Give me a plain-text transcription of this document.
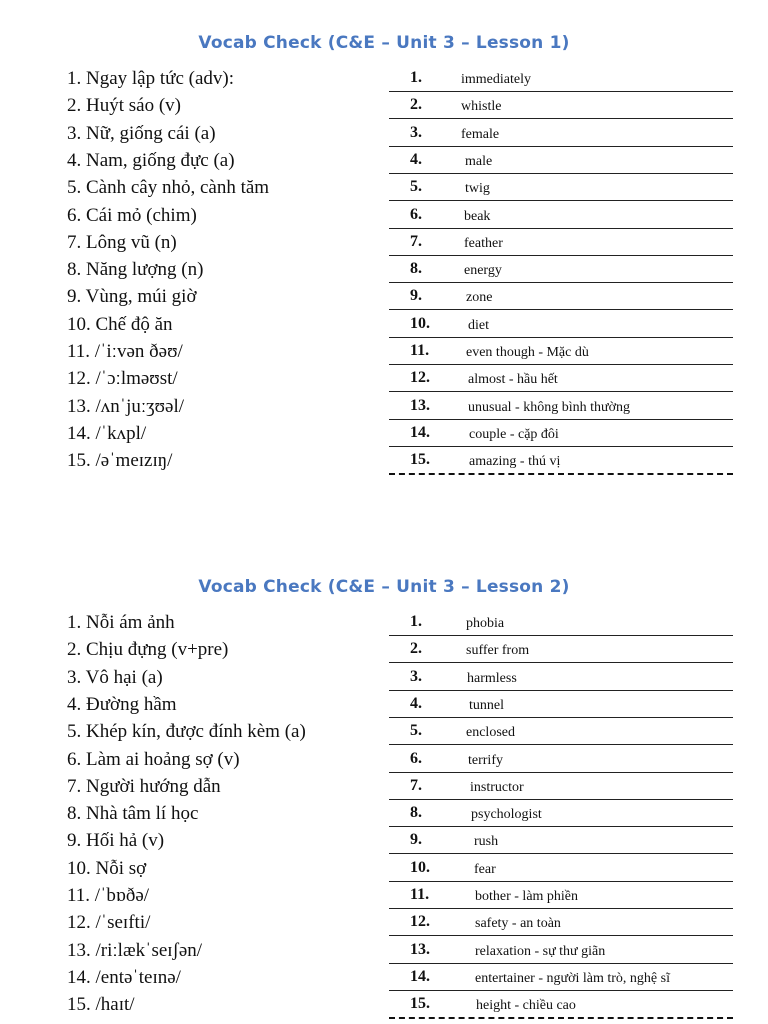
Vocab Check (C&E – Unit 3 – Lesson 1)
1. Ngay lập tức (adv):	1.	immediately
2. Huýt sáo (v)	2.	whistle
3. Nữ, giống cái (a)	3.	female
4. Nam, giống đực (a)	4.	male
5. Cành cây nhỏ, cành tăm	5.	twig
6. Cái mỏ (chim)	6.	beak
7. Lông vũ (n)	7.	feather
8. Năng lượng (n)	8.	energy
9. Vùng, múi giờ	9.	zone
10. Chế độ ăn	10.	diet
11. /ˈiːvən ðəʊ/	11.	even though - Mặc dù
12. /ˈɔːlməʊst/	12.	almost - hầu hết
13. /ʌnˈjuːʒʊəl/	13.	unusual - không bình thường
14. /ˈkʌpl/	14.	couple - cặp đôi
15. /əˈmeɪzɪŋ/	15.	amazing - thú vị
Vocab Check (C&E – Unit 3 – Lesson 2)
1. Nỗi ám ảnh	1.	phobia
2. Chịu đựng (v+pre)	2.	suffer from
3. Vô hại (a)	3.	harmless
4. Đường hầm	4.	tunnel
5. Khép kín, được đính kèm (a)	5.	enclosed
6. Làm ai hoảng sợ (v)	6.	terrify
7. Người hướng dẫn	7.	instructor
8. Nhà tâm lí học	8.	psychologist
9. Hối hả (v)	9.	rush
10. Nỗi sợ	10.	fear
11. /ˈbɒðə/	11.	bother - làm phiền
12. /ˈseɪfti/	12.	safety - an toàn
13. /riːlækˈseɪʃən/	13.	relaxation - sự thư giãn
14. /entəˈteɪnə/	14.	entertainer - người làm trò, nghệ sĩ
15. /haɪt/	15.	height - chiều cao
